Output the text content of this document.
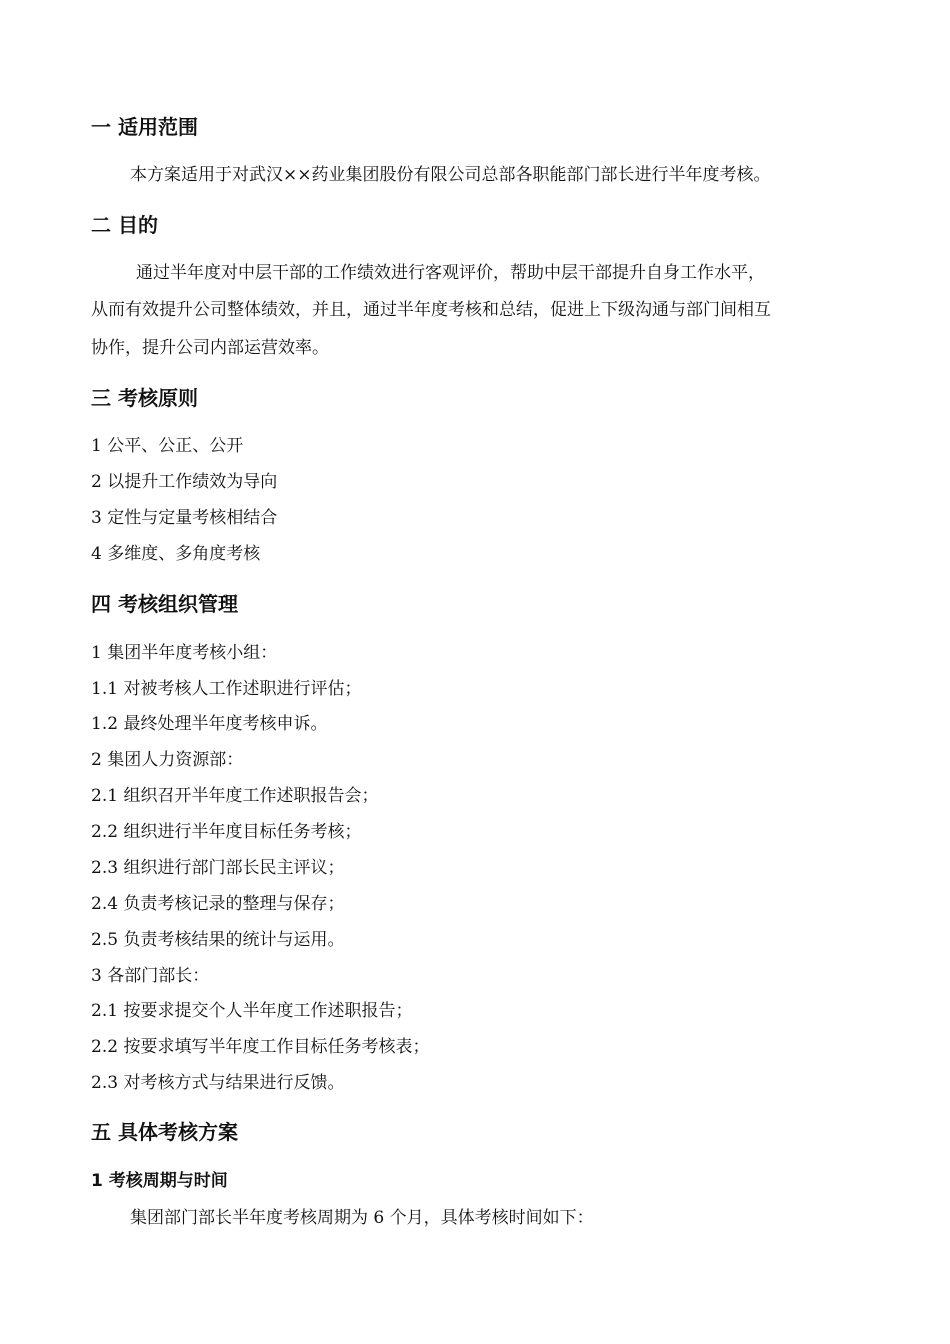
一 适用范围
本方案适用于对武汉××药业集团股份有限公司总部各职能部门部长进行半年度考核。
二 目的
通过半年度对中层干部的工作绩效进行客观评价，帮助中层干部提升自身工作水平，
从而有效提升公司整体绩效，并且，通过半年度考核和总结，促进上下级沟通与部门间相互
协作，提升公司内部运营效率。
三 考核原则
1 公平、公正、公开
2 以提升工作绩效为导向
3 定性与定量考核相结合
4 多维度、多角度考核
四 考核组织管理
1 集团半年度考核小组：
1.1 对被考核人工作述职进行评估；
1.2 最终处理半年度考核申诉。
2 集团人力资源部：
2.1 组织召开半年度工作述职报告会；
2.2 组织进行半年度目标任务考核；
2.3 组织进行部门部长民主评议；
2.4 负责考核记录的整理与保存；
2.5 负责考核结果的统计与运用。
3 各部门部长：
2.1 按要求提交个人半年度工作述职报告；
2.2 按要求填写半年度工作目标任务考核表；
2.3 对考核方式与结果进行反馈。
五 具体考核方案
1 考核周期与时间
集团部门部长半年度考核周期为 6 个月，具体考核时间如下：
